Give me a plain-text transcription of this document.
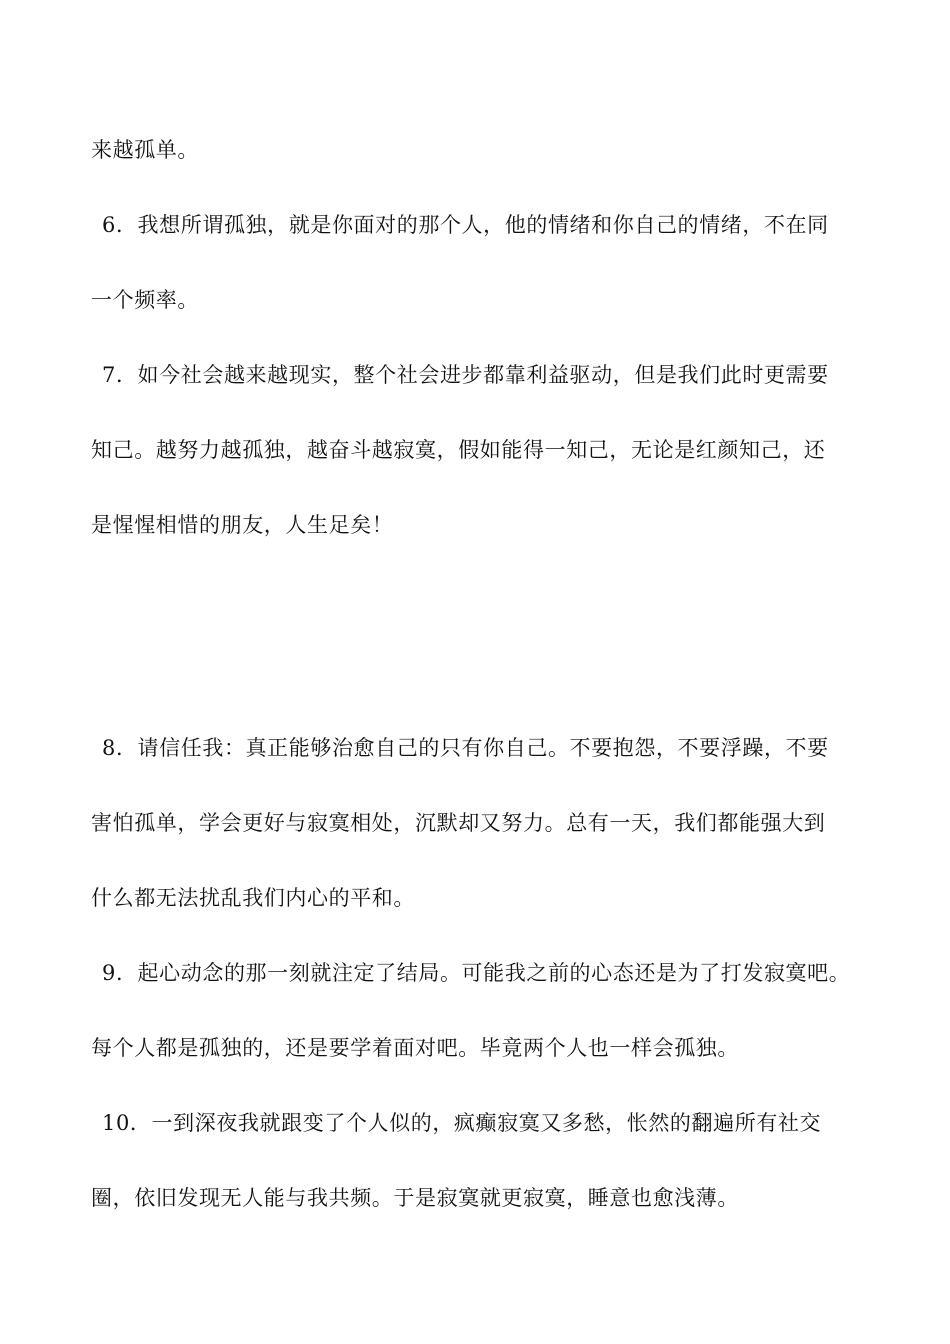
来越孤单。
6．我想所谓孤独，就是你面对的那个人，他的情绪和你自己的情绪，不在同
一个频率。
7．如今社会越来越现实，整个社会进步都靠利益驱动，但是我们此时更需要
知己。越努力越孤独，越奋斗越寂寞，假如能得一知己，无论是红颜知己，还
是惺惺相惜的朋友，人生足矣！
8．请信任我：真正能够治愈自己的只有你自己。不要抱怨，不要浮躁，不要
害怕孤单，学会更好与寂寞相处，沉默却又努力。总有一天，我们都能强大到
什么都无法扰乱我们内心的平和。
9．起心动念的那一刻就注定了结局。可能我之前的心态还是为了打发寂寞吧。
每个人都是孤独的，还是要学着面对吧。毕竟两个人也一样会孤独。
10．一到深夜我就跟变了个人似的，疯癫寂寞又多愁，怅然的翻遍所有社交
圈，依旧发现无人能与我共频。于是寂寞就更寂寞，睡意也愈浅薄。
